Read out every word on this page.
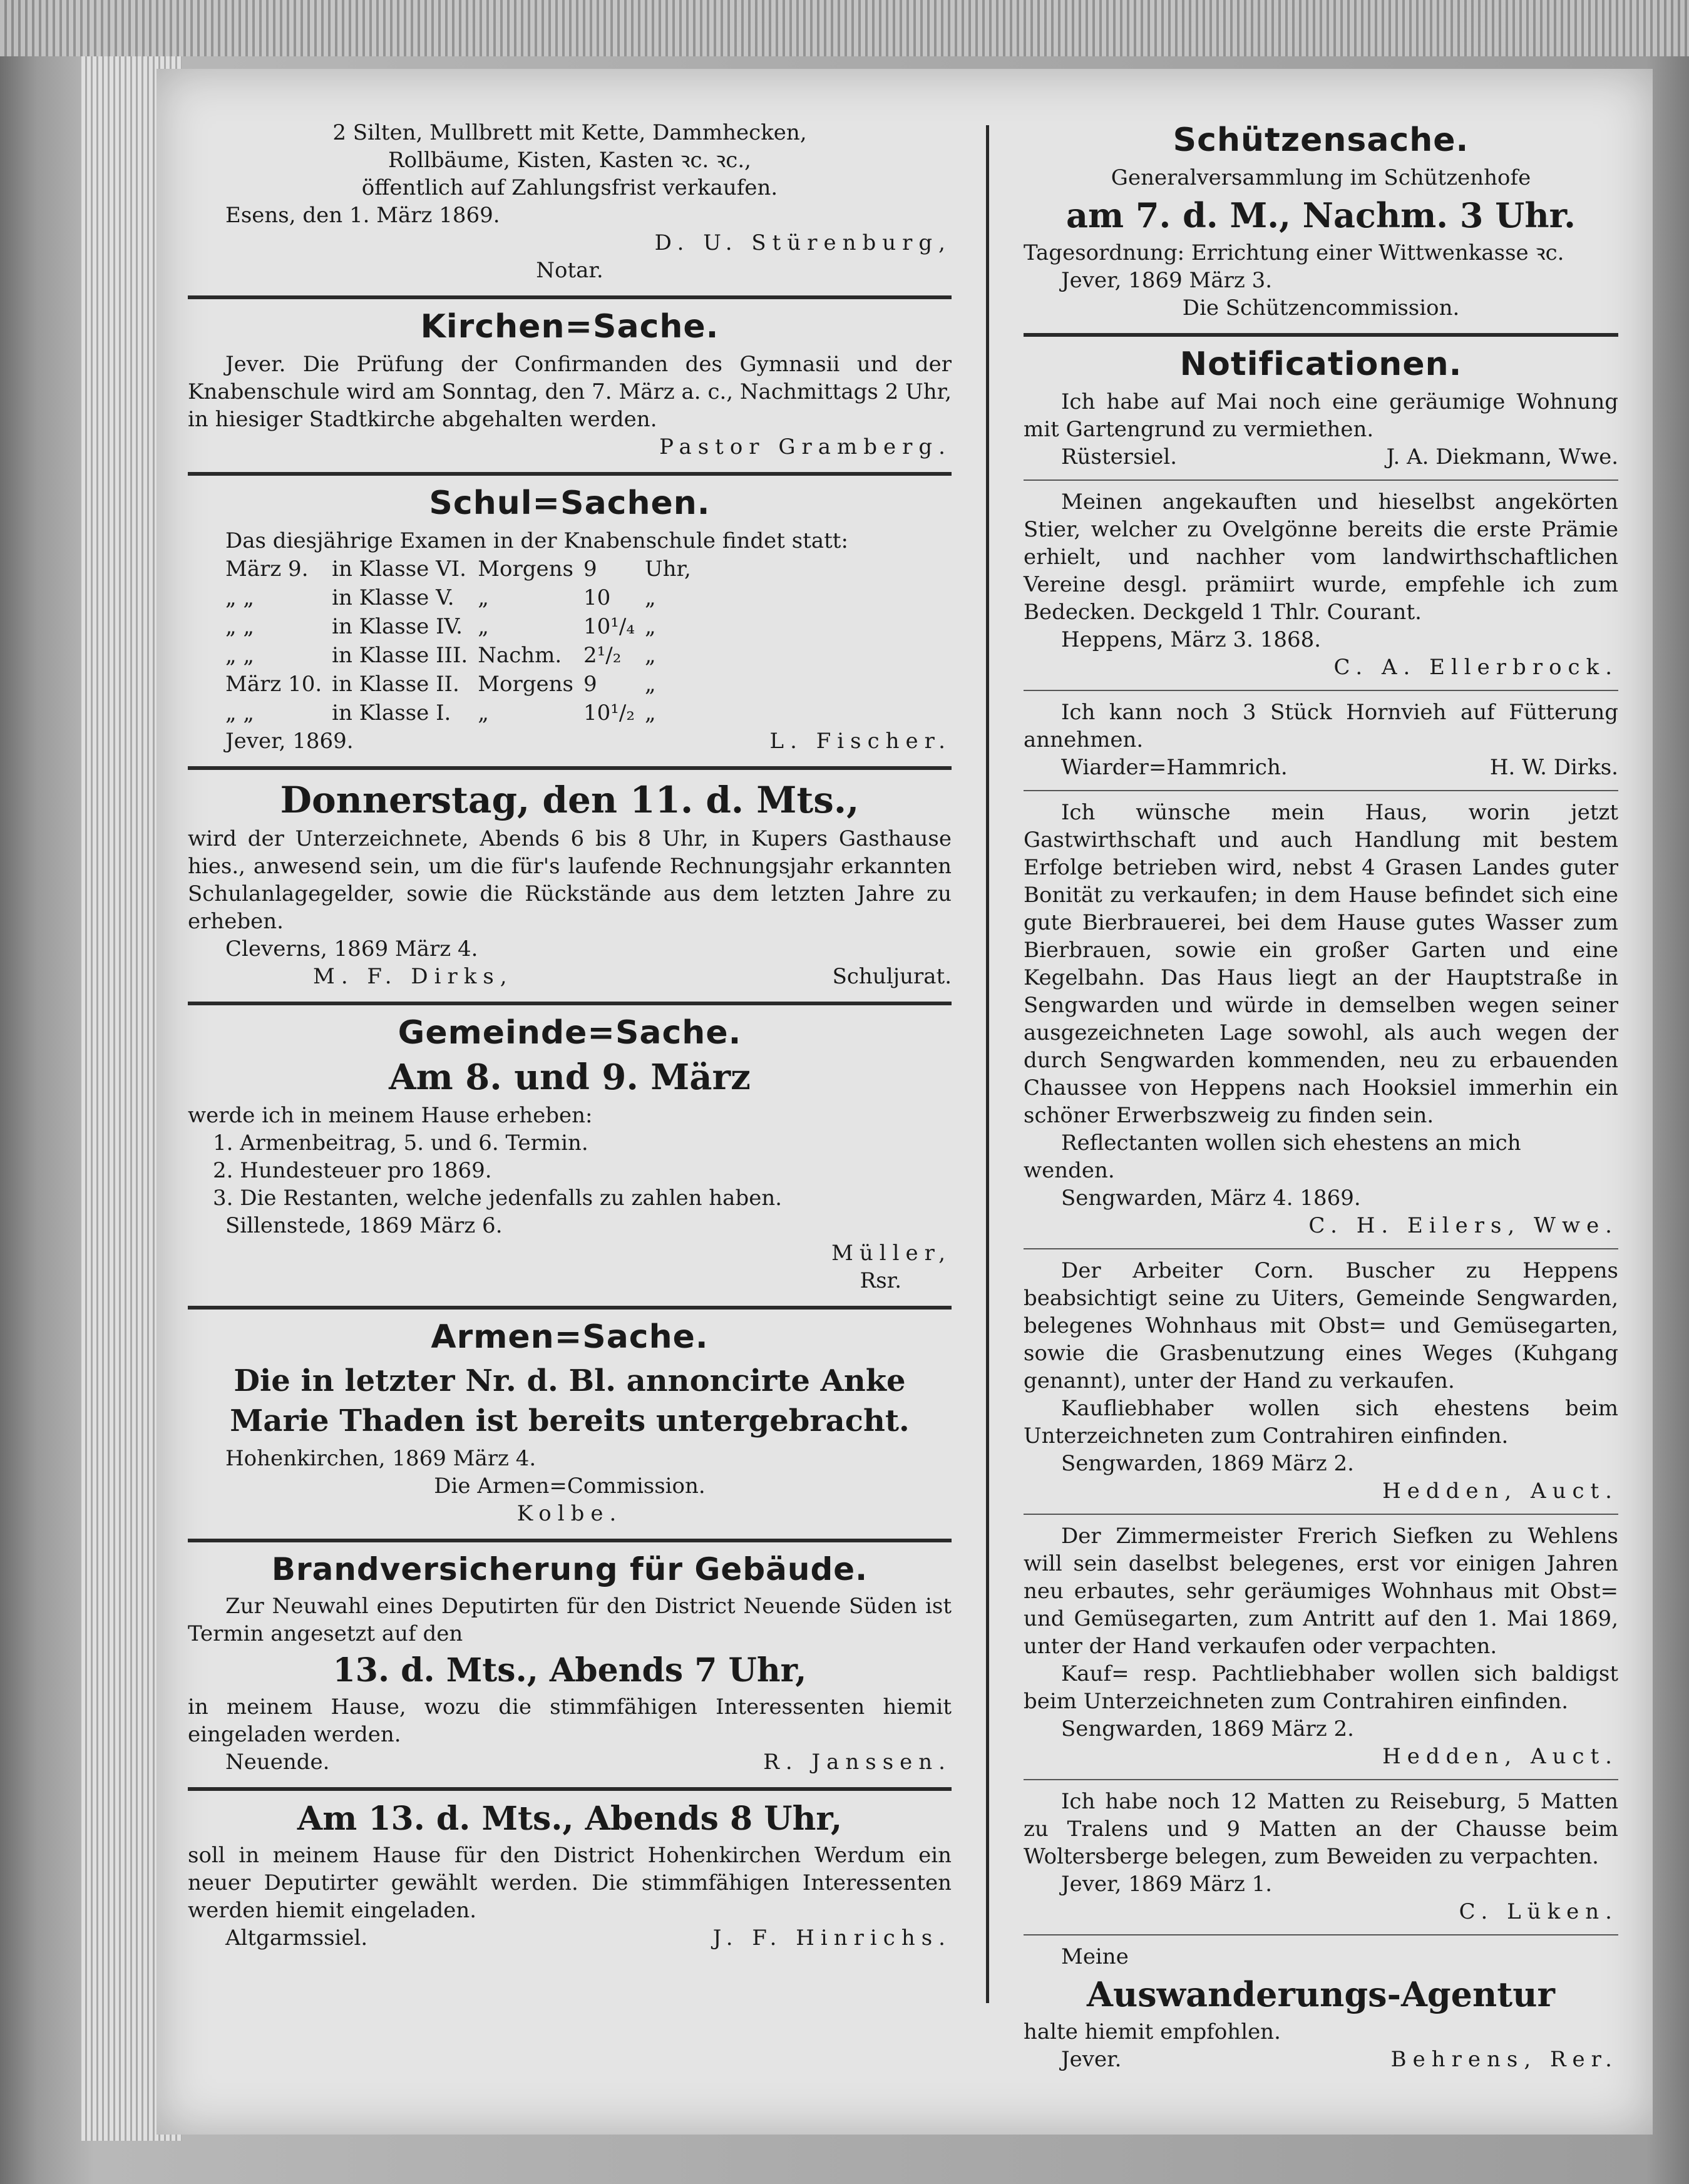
2 Silten, Mullbrett mit Kette, Dammhecken,
Rollbäume, Kisten, Kasten ꝛc. ꝛc.,
öffentlich auf Zahlungsfrist verkaufen.
Esens, den 1. März 1869.
D. U. Stürenburg,
Notar.
Kirchen=Sache.
Jever. Die Prüfung der Confirmanden des Gymnasii und der Knabenschule wird am Sonntag, den 7. März a. c., Nachmittags 2 Uhr, in hiesiger Stadtkirche abgehalten werden.
Pastor Gramberg.
Schul=Sachen.
Das diesjährige Examen in der Knabenschule findet statt:
März 9.	in Klasse VI.	Morgens	9	Uhr,
„ „	in Klasse V.	„	10	„
„ „	in Klasse IV.	„	10¹/₄	„
„ „	in Klasse III.	Nachm.	2¹/₂	„
März 10.	in Klasse II.	Morgens	9	„
„ „	in Klasse I.	„	10¹/₂	„
Jever, 1869.	L. Fischer.
Donnerstag, den 11. d. Mts.,
wird der Unterzeichnete, Abends 6 bis 8 Uhr, in Kupers Gasthause hies., anwesend sein, um die für's laufende Rechnungsjahr erkannten Schulanlagegelder, sowie die Rückstände aus dem letzten Jahre zu erheben.
Cleverns, 1869 März 4.
M. F. Dirks,	Schuljurat.
Gemeinde=Sache.
Am 8. und 9. März
werde ich in meinem Hause erheben:
1. Armenbeitrag, 5. und 6. Termin.
2. Hundesteuer pro 1869.
3. Die Restanten, welche jedenfalls zu zahlen haben.
Sillenstede, 1869 März 6.
Müller,
Rsr.
Armen=Sache.
Die in letzter Nr. d. Bl. annoncirte Anke Marie Thaden ist bereits untergebracht.
Hohenkirchen, 1869 März 4.
Die Armen=Commission.
Kolbe.
Brandversicherung für Gebäude.
Zur Neuwahl eines Deputirten für den District Neuende Süden ist Termin angesetzt auf den
13. d. Mts., Abends 7 Uhr,
in meinem Hause, wozu die stimmfähigen Interessenten hiemit eingeladen werden.
Neuende.	R. Janssen.
Am 13. d. Mts., Abends 8 Uhr,
soll in meinem Hause für den District Hohenkirchen Werdum ein neuer Deputirter gewählt werden. Die stimmfähigen Interessenten werden hiemit eingeladen.
Altgarmssiel.	J. F. Hinrichs.
Schützensache.
Generalversammlung im Schützenhofe
am 7. d. M., Nachm. 3 Uhr.
Tagesordnung: Errichtung einer Wittwenkasse ꝛc.
Jever, 1869 März 3.
Die Schützencommission.
Notificationen.
Ich habe auf Mai noch eine geräumige Wohnung mit Gartengrund zu vermiethen.
Rüstersiel.	J. A. Diekmann, Wwe.
Meinen angekauften und hieselbst angekörten Stier, welcher zu Ovelgönne bereits die erste Prämie erhielt, und nachher vom landwirthschaftlichen Vereine desgl. prämiirt wurde, empfehle ich zum Bedecken. Deckgeld 1 Thlr. Courant.
Heppens, März 3. 1868.
C. A. Ellerbrock.
Ich kann noch 3 Stück Hornvieh auf Fütterung annehmen.
Wiarder=Hammrich.	H. W. Dirks.
Ich wünsche mein Haus, worin jetzt Gastwirthschaft und auch Handlung mit bestem Erfolge betrieben wird, nebst 4 Grasen Landes guter Bonität zu verkaufen; in dem Hause befindet sich eine gute Bierbrauerei, bei dem Hause gutes Wasser zum Bierbrauen, sowie ein großer Garten und eine Kegelbahn. Das Haus liegt an der Hauptstraße in Sengwarden und würde in demselben wegen seiner ausgezeichneten Lage sowohl, als auch wegen der durch Sengwarden kommenden, neu zu erbauenden Chaussee von Heppens nach Hooksiel immerhin ein schöner Erwerbszweig zu finden sein.
Reflectanten wollen sich ehestens an mich wenden.
Sengwarden, März 4. 1869.
C. H. Eilers, Wwe.
Der Arbeiter Corn. Buscher zu Heppens beabsichtigt seine zu Uiters, Gemeinde Sengwarden, belegenes Wohnhaus mit Obst= und Gemüsegarten, sowie die Grasbenutzung eines Weges (Kuhgang genannt), unter der Hand zu verkaufen.
Kaufliebhaber wollen sich ehestens beim Unterzeichneten zum Contrahiren einfinden.
Sengwarden, 1869 März 2.
Hedden, Auct.
Der Zimmermeister Frerich Siefken zu Wehlens will sein daselbst belegenes, erst vor einigen Jahren neu erbautes, sehr geräumiges Wohnhaus mit Obst= und Gemüsegarten, zum Antritt auf den 1. Mai 1869, unter der Hand verkaufen oder verpachten.
Kauf= resp. Pachtliebhaber wollen sich baldigst beim Unterzeichneten zum Contrahiren einfinden.
Sengwarden, 1869 März 2.
Hedden, Auct.
Ich habe noch 12 Matten zu Reiseburg, 5 Matten zu Tralens und 9 Matten an der Chausse beim Woltersberge belegen, zum Beweiden zu verpachten.
Jever, 1869 März 1.
C. Lüken.
Meine
Auswanderungs-Agentur
halte hiemit empfohlen.
Jever.	Behrens, Rer.
